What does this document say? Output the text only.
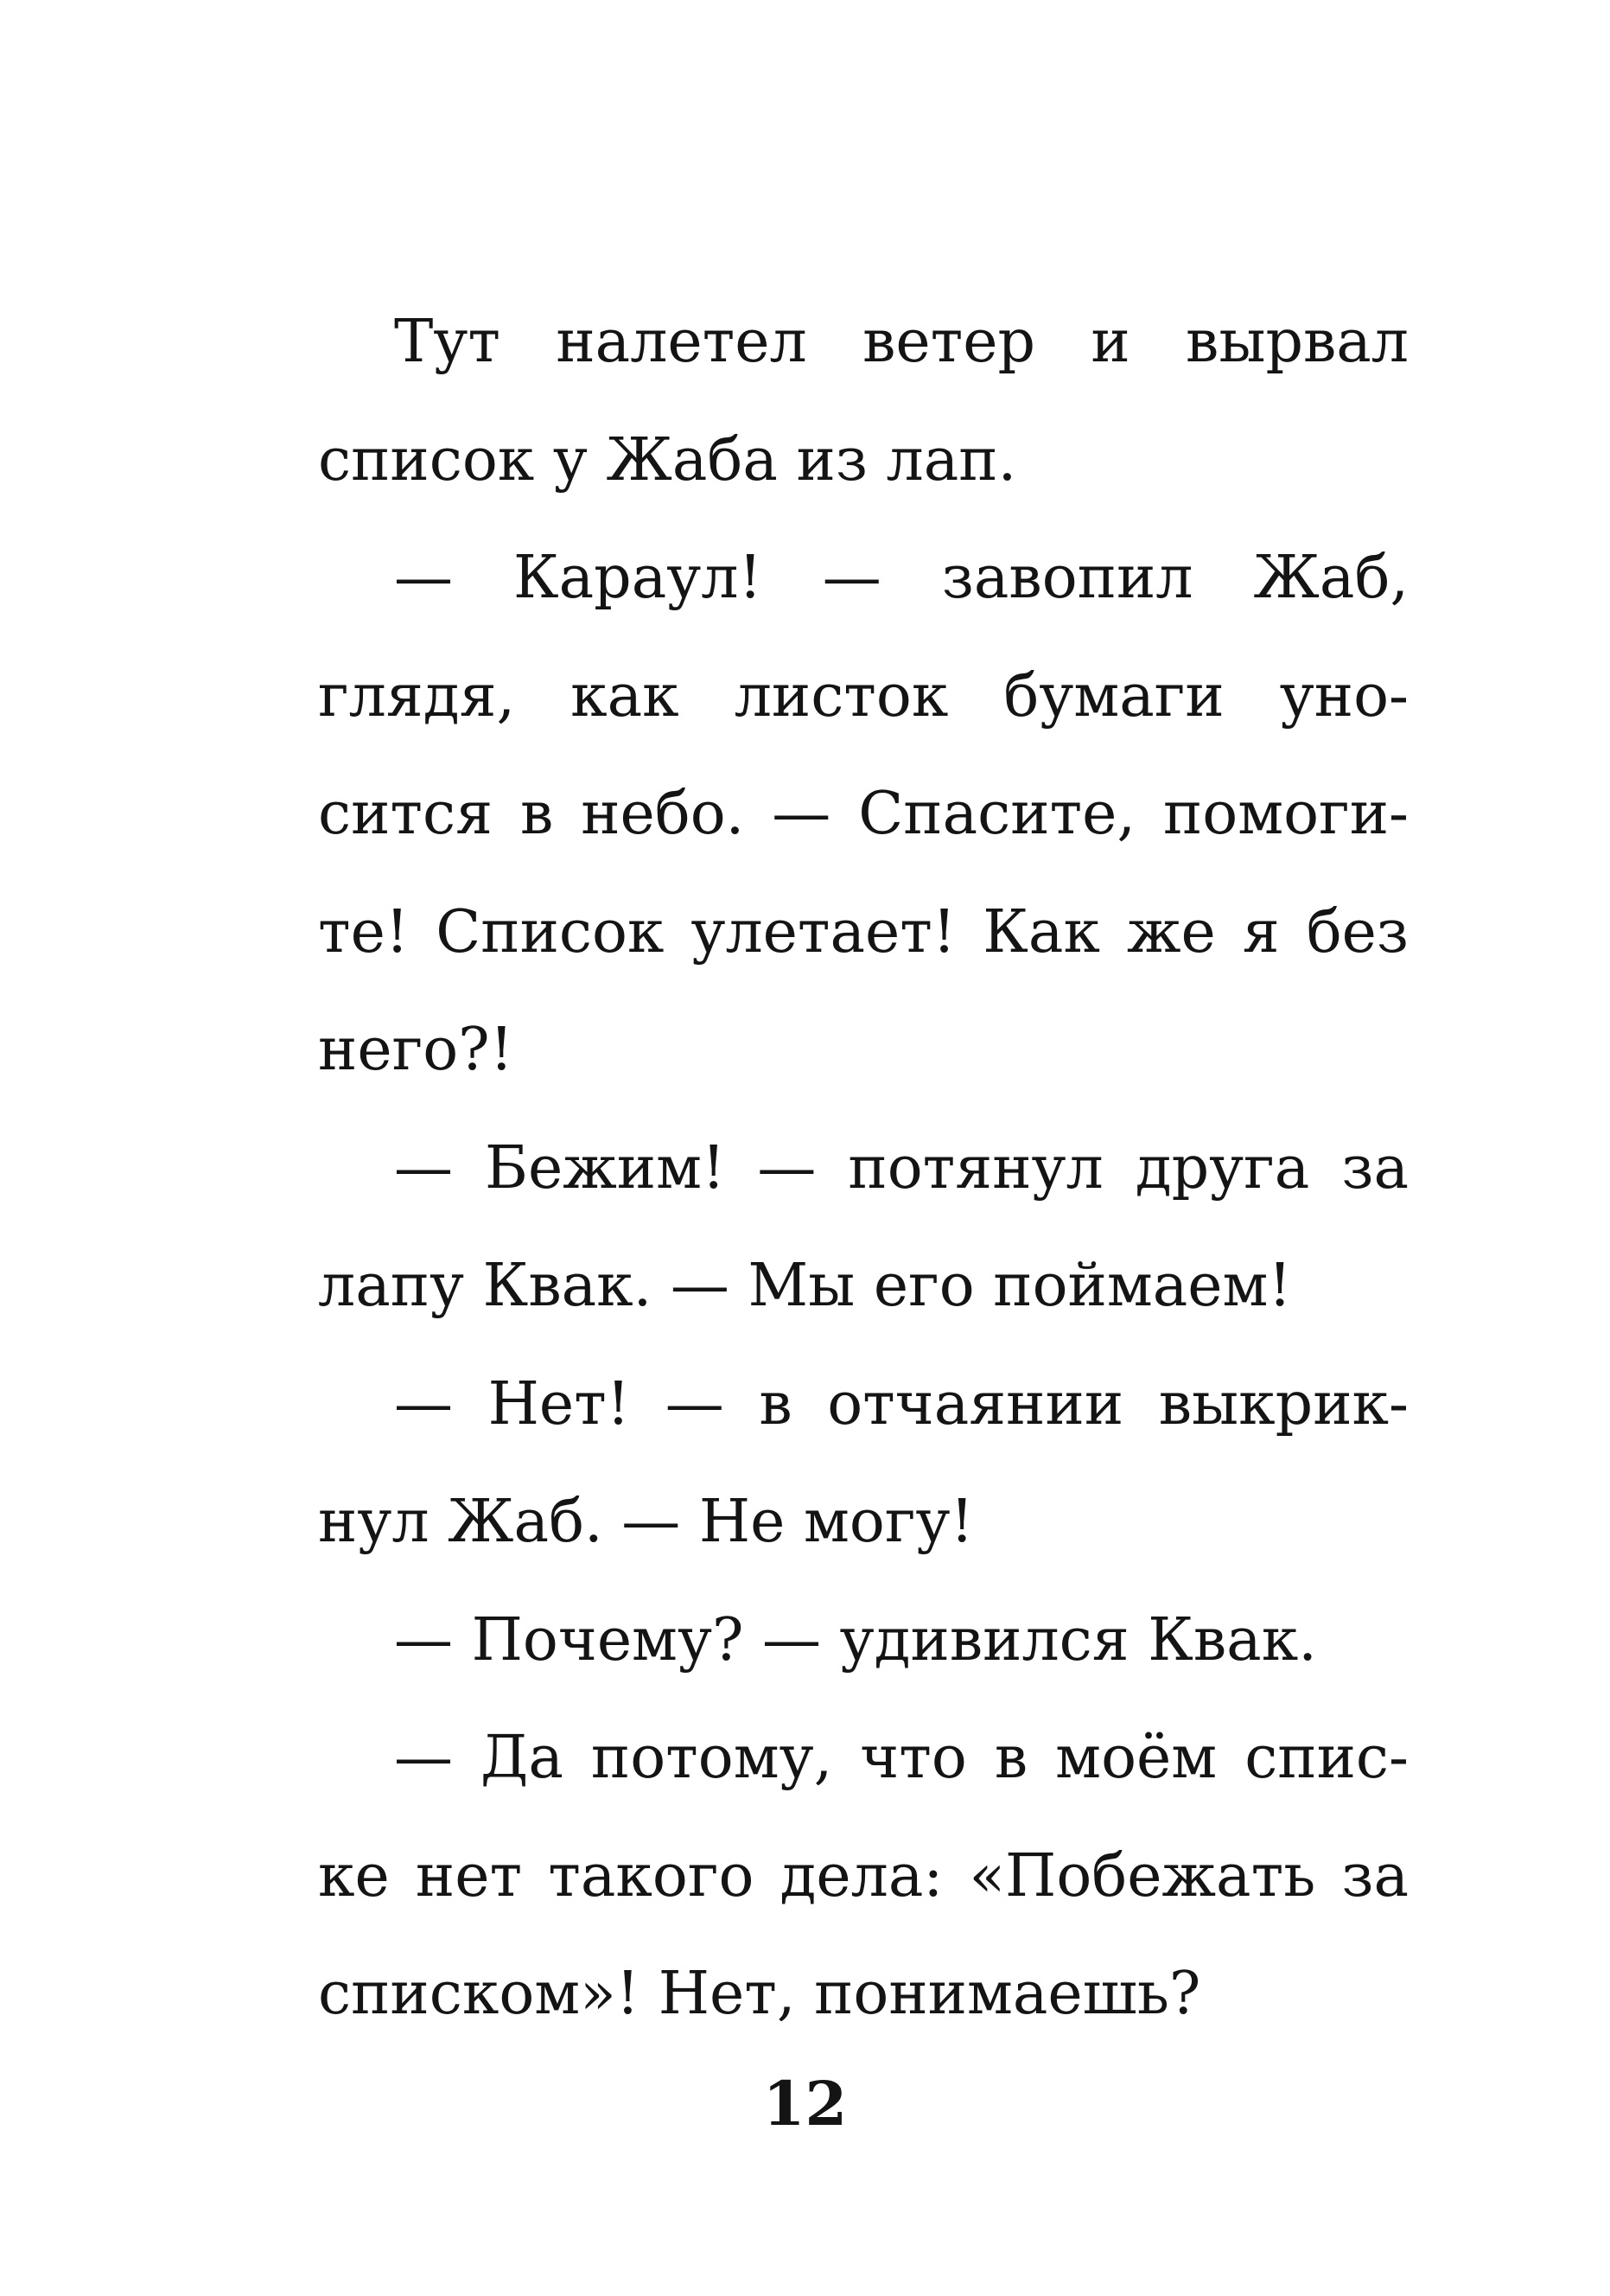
Тут налетел ветер и вырвал
список у Жаба из лап.
— Караул! — завопил Жаб,
глядя, как листок бумаги уно-
сится в небо. — Спасите, помоги-
те! Список улетает! Как же я без
него?!
— Бежим! — потянул друга за
лапу Квак. — Мы его поймаем!
— Нет! — в отчаянии выкрик-
нул Жаб. — Не могу!
— Почему? — удивился Квак.
— Да потому, что в моём спис-
ке нет такого дела: «Побежать за
списком»! Нет, понимаешь?
12
